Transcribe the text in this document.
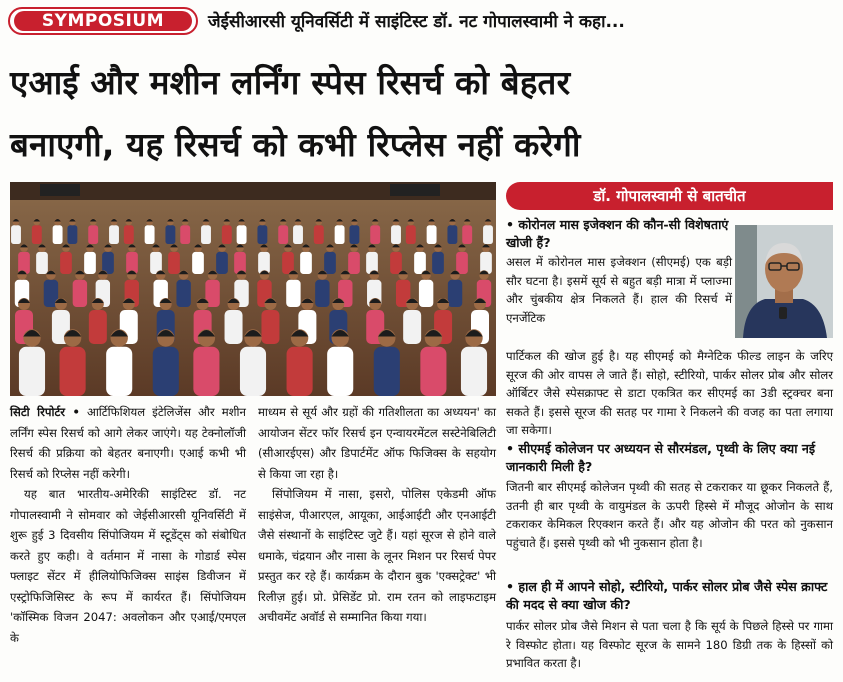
SYMPOSIUM	जेईसीआरसी यूनिवर्सिटी में साइंटिस्ट डॉ. नट गोपालस्वामी ने कहा...
एआई और मशीन लर्निंग स्पेस रिसर्च को बेहतर
बनाएगी, यह रिसर्च को कभी रिप्लेस नहीं करेगी

सिटी रिपोर्टर • आर्टिफिशियल इंटेलिजेंस और मशीन लर्निंग स्पेस रिसर्च को आगे लेकर जाएंगे। यह टेक्नोलॉजी रिसर्च की प्रक्रिया को बेहतर बनाएगी। एआई कभी भी रिसर्च को रिप्लेस नहीं करेगी।

यह बात भारतीय-अमेरिकी साइंटिस्ट डॉ. नट गोपालस्वामी ने सोमवार को जेईसीआरसी यूनिवर्सिटी में शुरू हुई 3 दिवसीय सिंपोजियम में स्टूडेंट्स को संबोधित करते हुए कही। वे वर्तमान में नासा के गोडार्ड स्पेस फ्लाइट सेंटर में हीलियोफिजिक्स साइंस डिवीजन में एस्ट्रोफिजिसिस्ट के रूप में कार्यरत हैं। सिंपोजियम 'कॉस्मिक विजन 2047: अवलोकन और एआई/एमएल के

माध्यम से सूर्य और ग्रहों की गतिशीलता का अध्ययन' का आयोजन सेंटर फॉर रिसर्च इन एन्वायरमेंटल सस्टेनेबिलिटी (सीआरईएस) और डिपार्टमेंट ऑफ फिजिक्स के सहयोग से किया जा रहा है।

सिंपोजियम में नासा, इसरो, पोलिस एकेडमी ऑफ साइंसेज, पीआरएल, आयूका, आईआईटी और एनआईटी जैसे संस्थानों के साइंटिस्ट जुटे हैं। यहां सूरज से होने वाले धमाके, चंद्रयान और नासा के लूनर मिशन पर रिसर्च पेपर प्रस्तुत कर रहे हैं। कार्यक्रम के दौरान बुक 'एक्सट्रेक्ट' भी रिलीज़ हुई। प्रो. प्रेसिडेंट प्रो. राम रतन को लाइफटाइम अचीवमेंट अवॉर्ड से सम्मानित किया गया।

डॉ. गोपालस्वामी से बातचीत
• कोरोनल मास इजेक्शन की कौन-सी विशेषताएं खोजी हैं?
असल में कोरोनल मास इजेक्शन (सीएमई) एक बड़ी सौर घटना है। इसमें सूर्य से बहुत बड़ी मात्रा में प्लाज्मा और चुंबकीय क्षेत्र निकलते हैं। हाल की रिसर्च में एनर्जेटिक
पार्टिकल की खोज हुई है। यह सीएमई को मैग्नेटिक फील्ड लाइन के जरिए सूरज की ओर वापस ले जाते हैं। सोहो, स्टीरियो, पार्कर सोलर प्रोब और सोलर ऑर्बिटर जैसे स्पेसक्राफ्ट से डाटा एकत्रित कर सीएमई का 3डी स्ट्रक्चर बना सकते हैं। इससे सूरज की सतह पर गामा रे निकलने की वजह का पता लगाया जा सकेगा।
• सीएमई कोलेजन पर अध्ययन से सौरमंडल, पृथ्वी के लिए क्या नई जानकारी मिली है?
जितनी बार सीएमई कोलेजन पृथ्वी की सतह से टकराकर या छूकर निकलते हैं, उतनी ही बार पृथ्वी के वायुमंडल के ऊपरी हिस्से में मौजूद ओजोन के साथ टकराकर केमिकल रिएक्शन करते हैं। और यह ओजोन की परत को नुकसान पहुंचाते हैं। इससे पृथ्वी को भी नुकसान होता है।
• हाल ही में आपने सोहो, स्टीरियो, पार्कर सोलर प्रोब जैसे स्पेस क्राफ्ट की मदद से क्या खोज की?
पार्कर सोलर प्रोब जैसे मिशन से पता चला है कि सूर्य के पिछले हिस्से पर गामा रे विस्फोट होता। यह विस्फोट सूरज के सामने 180 डिग्री तक के हिस्सों को प्रभावित करता है।
